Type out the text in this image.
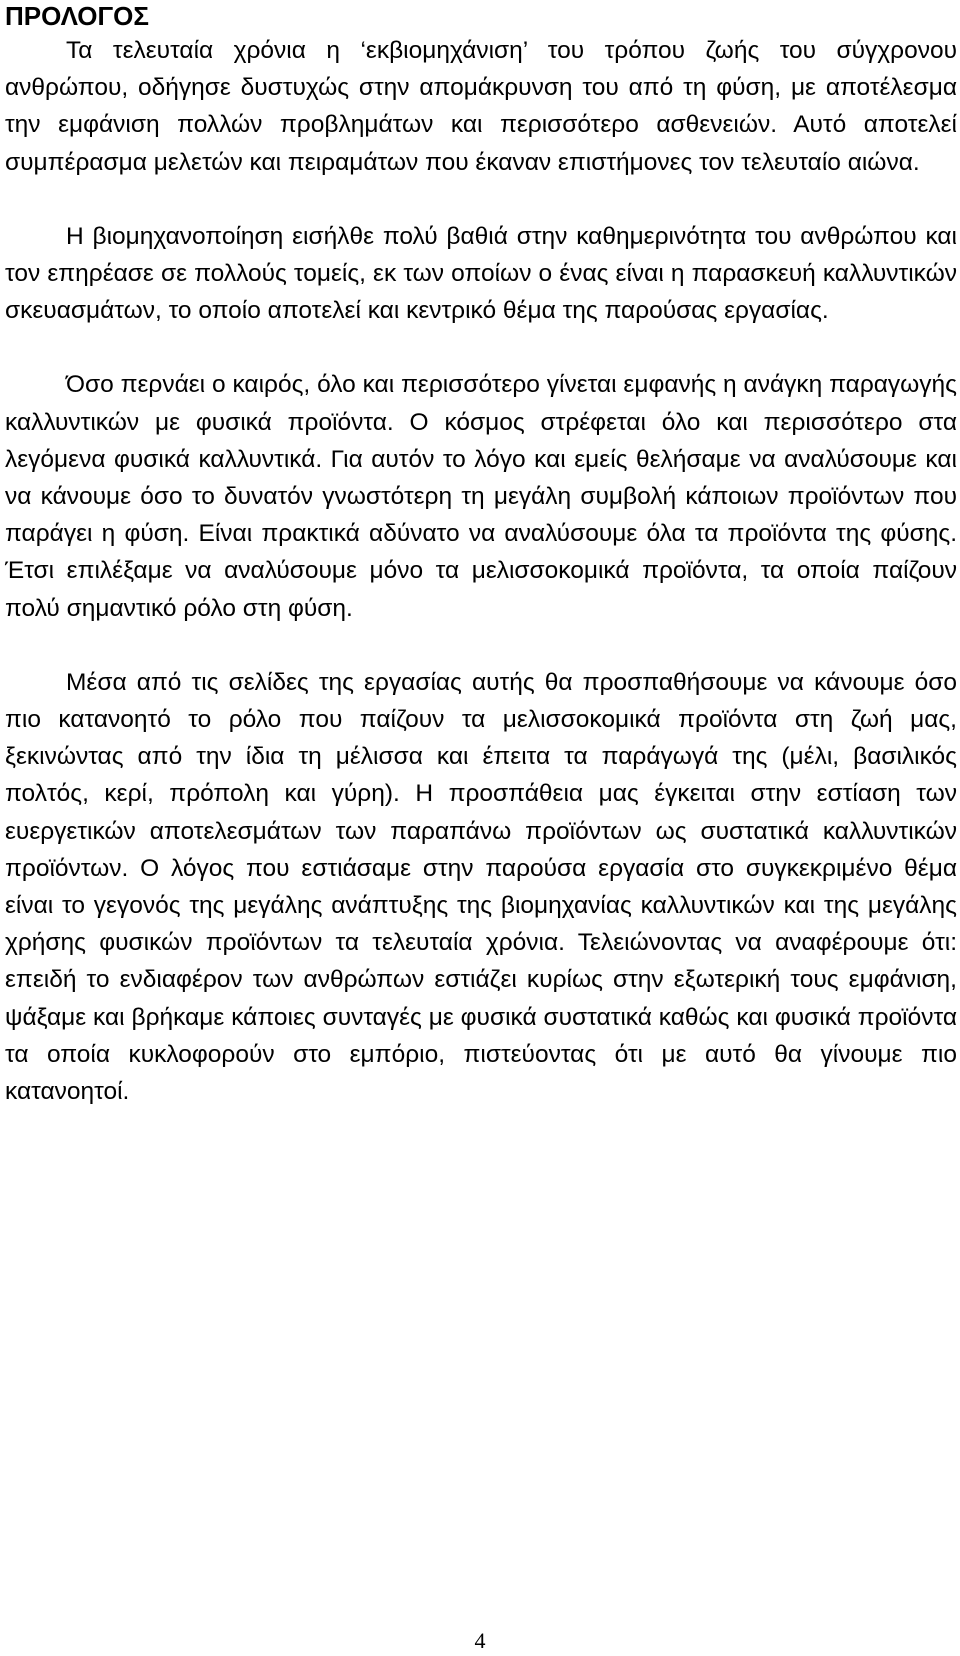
ΠΡΟΛΟΓΟΣ

Τα τελευταία χρόνια η ‘εκβιομηχάνιση’ του τρόπου ζωής του σύγχρονου ανθρώπου, οδήγησε δυστυχώς στην απομάκρυνση του από τη φύση, με αποτέλεσμα την εμφάνιση πολλών προβλημάτων και περισσότερο ασθενειών. Αυτό αποτελεί συμπέρασμα μελετών και πειραμάτων που έκαναν επιστήμονες τον τελευταίο αιώνα.

Η βιομηχανοποίηση εισήλθε πολύ βαθιά στην καθημερινότητα του ανθρώπου και τον επηρέασε σε πολλούς τομείς, εκ των οποίων ο ένας είναι η παρασκευή καλλυντικών σκευασμάτων, το οποίο αποτελεί και κεντρικό θέμα της παρούσας εργασίας.

Όσο περνάει ο καιρός, όλο και περισσότερο γίνεται εμφανής η ανάγκη παραγωγής καλλυντικών με φυσικά προϊόντα. Ο κόσμος στρέφεται όλο και περισσότερο στα λεγόμενα φυσικά καλλυντικά. Για αυτόν το λόγο και εμείς θελήσαμε να αναλύσουμε και να κάνουμε όσο το δυνατόν γνωστότερη τη μεγάλη συμβολή κάποιων προϊόντων που παράγει η φύση. Είναι πρακτικά αδύνατο να αναλύσουμε όλα τα προϊόντα της φύσης. Έτσι επιλέξαμε να αναλύσουμε μόνο τα μελισσοκομικά προϊόντα, τα οποία παίζουν πολύ σημαντικό ρόλο στη φύση.

Μέσα από τις σελίδες της εργασίας αυτής θα προσπαθήσουμε να κάνουμε όσο πιο κατανοητό το ρόλο που παίζουν τα μελισσοκομικά προϊόντα στη ζωή μας, ξεκινώντας από την ίδια τη μέλισσα και έπειτα τα παράγωγά της (μέλι, βασιλικός πολτός, κερί, πρόπολη και γύρη). Η προσπάθεια μας έγκειται στην εστίαση των ευεργετικών αποτελεσμάτων των παραπάνω προϊόντων ως συστατικά καλλυντικών προϊόντων. Ο λόγος που εστιάσαμε στην παρούσα εργασία στο συγκεκριμένο θέμα είναι το γεγονός της μεγάλης ανάπτυξης της βιομηχανίας καλλυντικών και της μεγάλης χρήσης φυσικών προϊόντων τα τελευταία χρόνια. Τελειώνοντας να αναφέρουμε ότι: επειδή το ενδιαφέρον των ανθρώπων εστιάζει κυρίως στην εξωτερική τους εμφάνιση, ψάξαμε και βρήκαμε κάποιες συνταγές με φυσικά συστατικά καθώς και φυσικά προϊόντα τα οποία κυκλοφορούν στο εμπόριο, πιστεύοντας ότι με αυτό θα γίνουμε πιο κατανοητοί.

4
